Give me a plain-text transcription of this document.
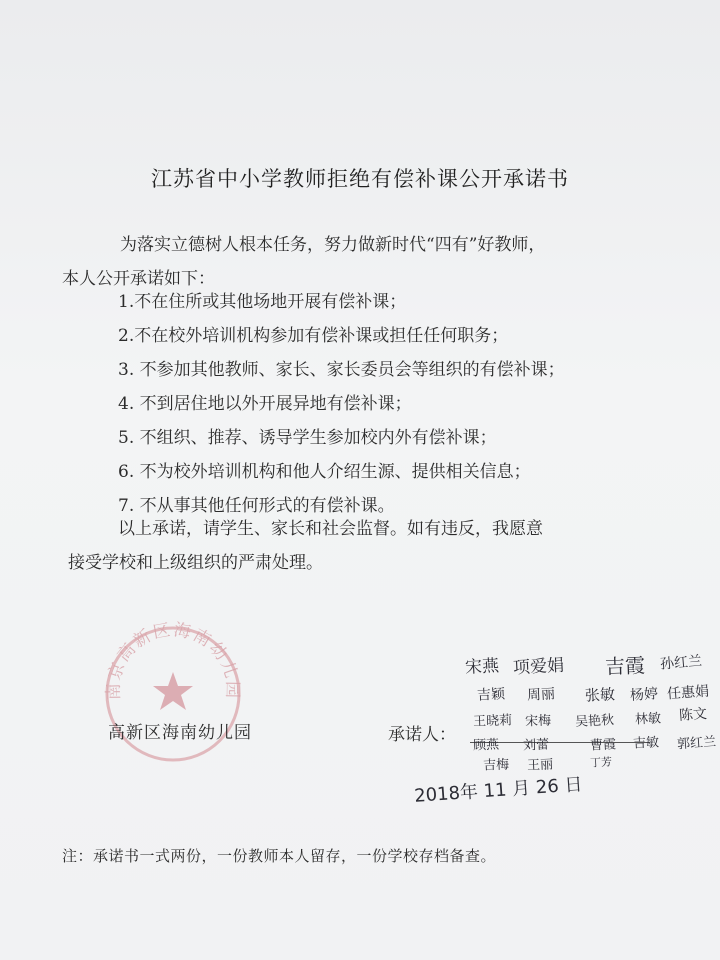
江苏省中小学教师拒绝有偿补课公开承诺书
为落实立德树人根本任务，努力做新时代“四有”好教师，
本人公开承诺如下：
1.不在住所或其他场地开展有偿补课；
2.不在校外培训机构参加有偿补课或担任任何职务；
3. 不参加其他教师、家长、家长委员会等组织的有偿补课；
4. 不到居住地以外开展异地有偿补课；
5. 不组织、推荐、诱导学生参加校内外有偿补课；
6. 不为校外培训机构和他人介绍生源、提供相关信息；
7. 不从事其他任何形式的有偿补课。
以上承诺，请学生、家长和社会监督。如有违反，我愿意
接受学校和上级组织的严肃处理。
南京高新区海南幼儿园
高新区海南幼儿园	承诺人：
宋燕 项爱娟 吉霞 孙红兰
吉颖 周丽 张敏 杨婷 任惠娟
王晓莉 宋梅 吴艳秋 林敏 陈文
顾燕 刘蕾	曹霞 吉敏 郭红兰
吉梅 王丽	丁芳
2018年 11 月 26 日
注：承诺书一式两份，一份教师本人留存，一份学校存档备查。
